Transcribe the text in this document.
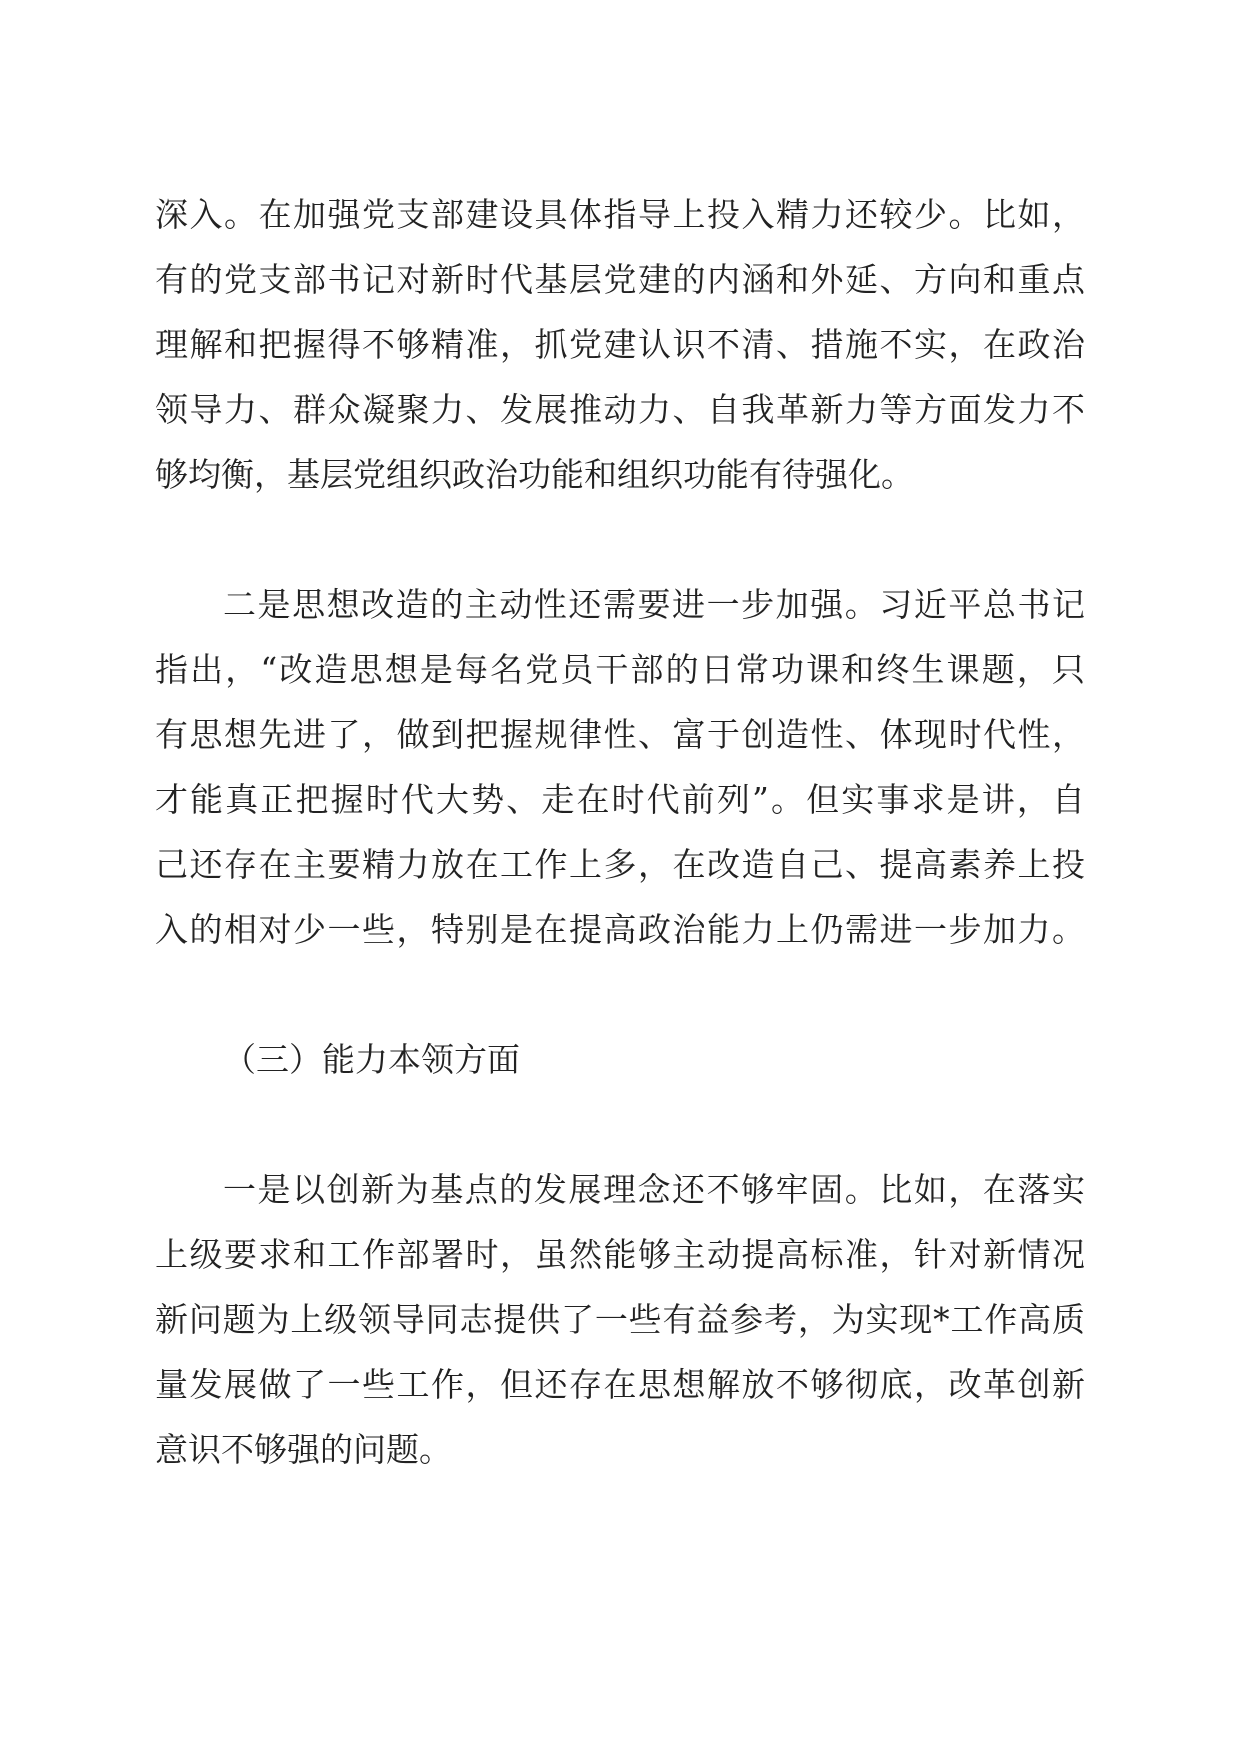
深入。在加强党支部建设具体指导上投入精力还较少。比如，
有的党支部书记对新时代基层党建的内涵和外延、方向和重点
理解和把握得不够精准，抓党建认识不清、措施不实，在政治
领导力、群众凝聚力、发展推动力、自我革新力等方面发力不
够均衡，基层党组织政治功能和组织功能有待强化。
二是思想改造的主动性还需要进一步加强。习近平总书记
指出，“改造思想是每名党员干部的日常功课和终生课题，只
有思想先进了，做到把握规律性、富于创造性、体现时代性，
才能真正把握时代大势、走在时代前列”。但实事求是讲，自
己还存在主要精力放在工作上多，在改造自己、提高素养上投
入的相对少一些，特别是在提高政治能力上仍需进一步加力。
（三）能力本领方面
一是以创新为基点的发展理念还不够牢固。比如，在落实
上级要求和工作部署时，虽然能够主动提高标准，针对新情况
新问题为上级领导同志提供了一些有益参考，为实现*工作高质
量发展做了一些工作，但还存在思想解放不够彻底，改革创新
意识不够强的问题。
